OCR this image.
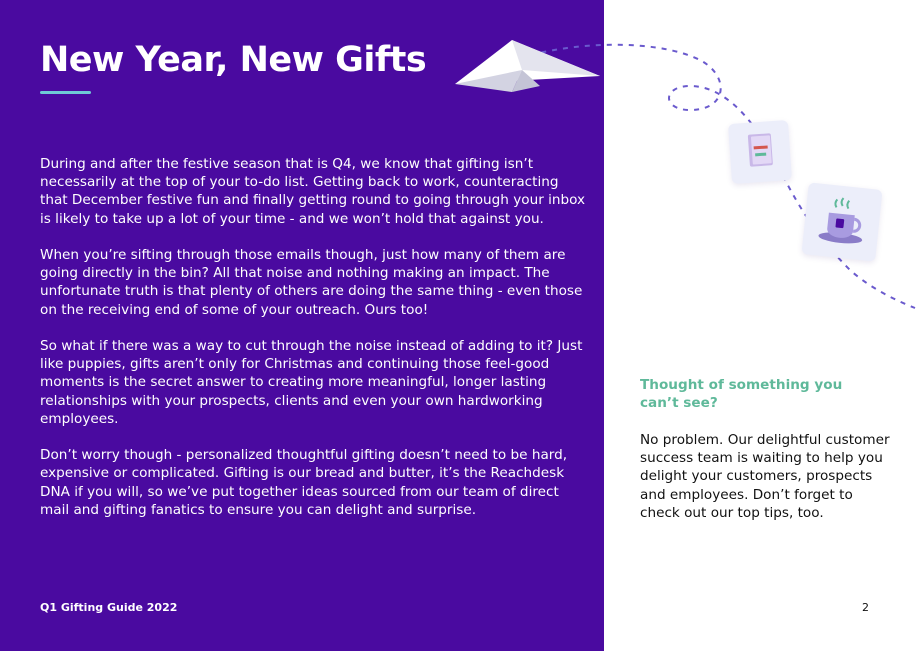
New Year, New Gifts

During and after the festive season that is Q4, we know that gifting isn’t necessarily at the top of your to-do list. Getting back to work, counteracting that December festive fun and finally getting round to going through your inbox is likely to take up a lot of your time - and we won’t hold that against you.

When you’re sifting through those emails though, just how many of them are going directly in the bin? All that noise and nothing making an impact. The unfortunate truth is that plenty of others are doing the same thing - even those on the receiving end of some of your outreach. Ours too!

So what if there was a way to cut through the noise instead of adding to it? Just like puppies, gifts aren’t only for Christmas and continuing those feel-good moments is the secret answer to creating more meaningful, longer lasting relationships with your prospects, clients and even your own hardworking employees.

Don’t worry though - personalized thoughtful gifting doesn’t need to be hard, expensive or complicated. Gifting is our bread and butter, it’s the Reachdesk DNA if you will, so we’ve put together ideas sourced from our team of direct mail and gifting fanatics to ensure you can delight and surprise.

Q1 Gifting Guide 2022	2
Thought of something you can’t see?
No problem. Our delightful customer success team is waiting to help you delight your customers, prospects and employees. Don’t forget to check out our top tips, too.
